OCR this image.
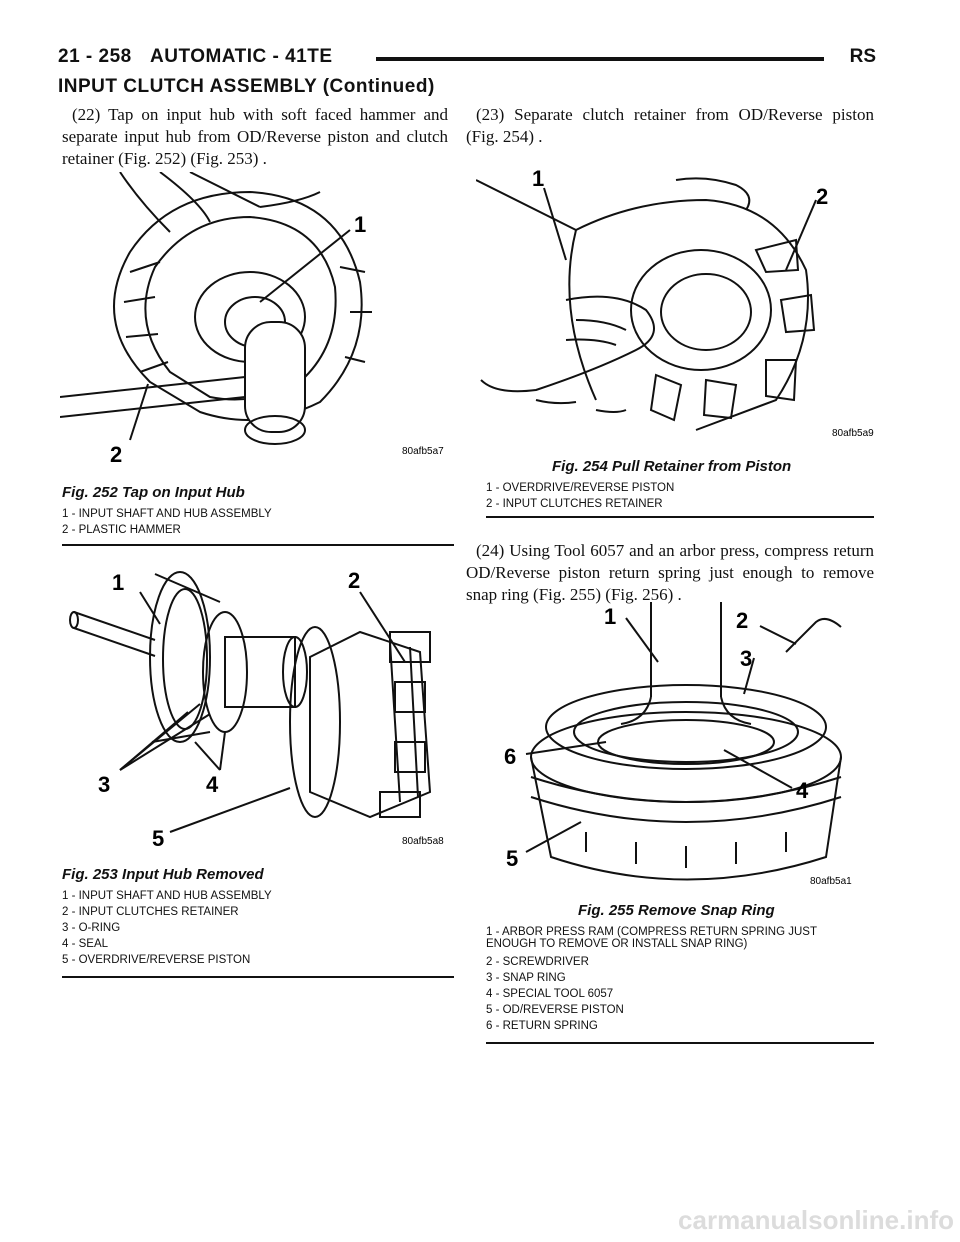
21 - 258 AUTOMATIC - 41TE	RS
INPUT CLUTCH ASSEMBLY (Continued)

(22) Tap on input hub with soft faced hammer and separate input hub from OD/Reverse piston and clutch retainer (Fig. 252) (Fig. 253) .

(23) Separate clutch retainer from OD/Reverse piston (Fig. 254) .

1
2	80afb5a7
Fig. 252 Tap on Input Hub
1 - INPUT SHAFT AND HUB ASSEMBLY
2 - PLASTIC HAMMER
1	2
3	4
5	80afb5a8
Fig. 253 Input Hub Removed
1 - INPUT SHAFT AND HUB ASSEMBLY
2 - INPUT CLUTCHES RETAINER
3 - O-RING
4 - SEAL
5 - OVERDRIVE/REVERSE PISTON
1
2
80afb5a9
Fig. 254 Pull Retainer from Piston
1 - OVERDRIVE/REVERSE PISTON
2 - INPUT CLUTCHES RETAINER

(24) Using Tool 6057 and an arbor press, compress return OD/Reverse piston return spring just enough to remove snap ring (Fig. 255) (Fig. 256) .

1	2
3
4
5
6
80afb5a1
Fig. 255 Remove Snap Ring
1 - ARBOR PRESS RAM (COMPRESS RETURN SPRING JUST ENOUGH TO REMOVE OR INSTALL SNAP RING)
2 - SCREWDRIVER
3 - SNAP RING
4 - SPECIAL TOOL 6057
5 - OD/REVERSE PISTON
6 - RETURN SPRING
carmanualsonline.info
